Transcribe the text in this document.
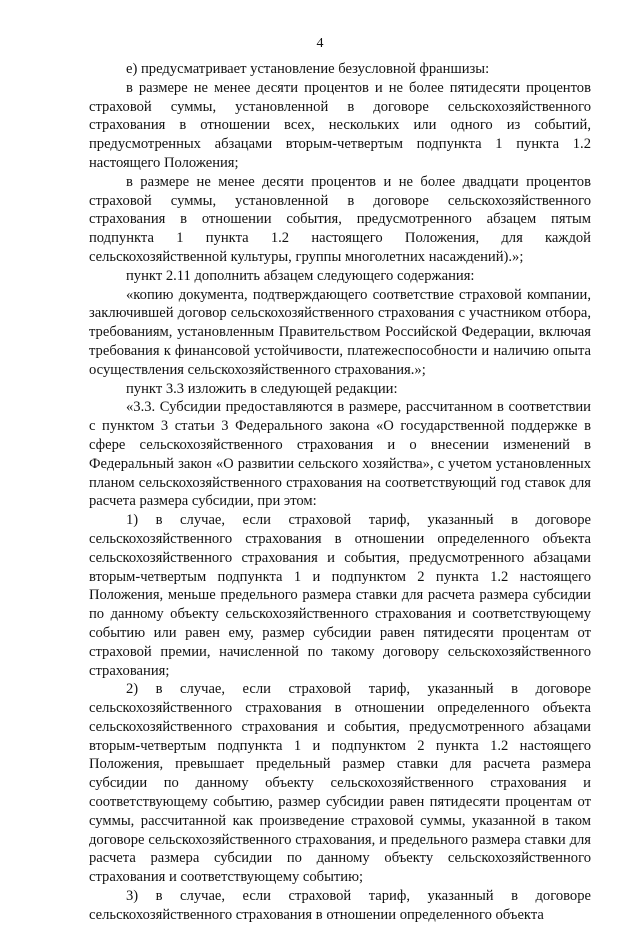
4

е) предусматривает установление безусловной франшизы:

в размере не менее десяти процентов и не более пятидесяти процентов страховой суммы, установленной в договоре сельскохозяйственного страхования в отношении всех, нескольких или одного из событий, предусмотренных абзацами вторым-четвертым подпункта 1 пункта 1.2 настоящего Положения;

в размере не менее десяти процентов и не более двадцати процентов страховой суммы, установленной в договоре сельскохозяйственного страхования в отношении события, предусмотренного абзацем пятым подпункта 1 пункта 1.2 настоящего Положения, для каждой сельскохозяйственной культуры, группы многолетних насаждений).»;

пункт 2.11 дополнить абзацем следующего содержания:

«копию документа, подтверждающего соответствие страховой компании, заключившей договор сельскохозяйственного страхования с участником отбора, требованиям, установленным Правительством Российской Федерации, включая требования к финансовой устойчивости, платежеспособности и наличию опыта осуществления сельскохозяйственного страхования.»;

пункт 3.3 изложить в следующей редакции:

«3.3. Субсидии предоставляются в размере, рассчитанном в соответствии с пунктом 3 статьи 3 Федерального закона «О государственной поддержке в сфере сельскохозяйственного страхования и о внесении изменений в Федеральный закон «О развитии сельского хозяйства», с учетом установленных планом сельскохозяйственного страхования на соответствующий год ставок для расчета размера субсидии, при этом:

1) в случае, если страховой тариф, указанный в договоре сельскохозяйственного страхования в отношении определенного объекта сельскохозяйственного страхования и события, предусмотренного абзацами вторым-четвертым подпункта 1 и подпунктом 2 пункта 1.2 настоящего Положения, меньше предельного размера ставки для расчета размера субсидии по данному объекту сельскохозяйственного страхования и соответствующему событию или равен ему, размер субсидии равен пятидесяти процентам от страховой премии, начисленной по такому договору сельскохозяйственного страхования;

2) в случае, если страховой тариф, указанный в договоре сельскохозяйственного страхования в отношении определенного объекта сельскохозяйственного страхования и события, предусмотренного абзацами вторым-четвертым подпункта 1 и подпунктом 2 пункта 1.2 настоящего Положения, превышает предельный размер ставки для расчета размера субсидии по данному объекту сельскохозяйственного страхования и соответствующему событию, размер субсидии равен пятидесяти процентам от суммы, рассчитанной как произведение страховой суммы, указанной в таком договоре сельскохозяйственного страхования, и предельного размера ставки для расчета размера субсидии по данному объекту сельскохозяйственного страхования и соответствующему событию;

3) в случае, если страховой тариф, указанный в договоре сельскохозяйственного страхования в отношении определенного объекта
